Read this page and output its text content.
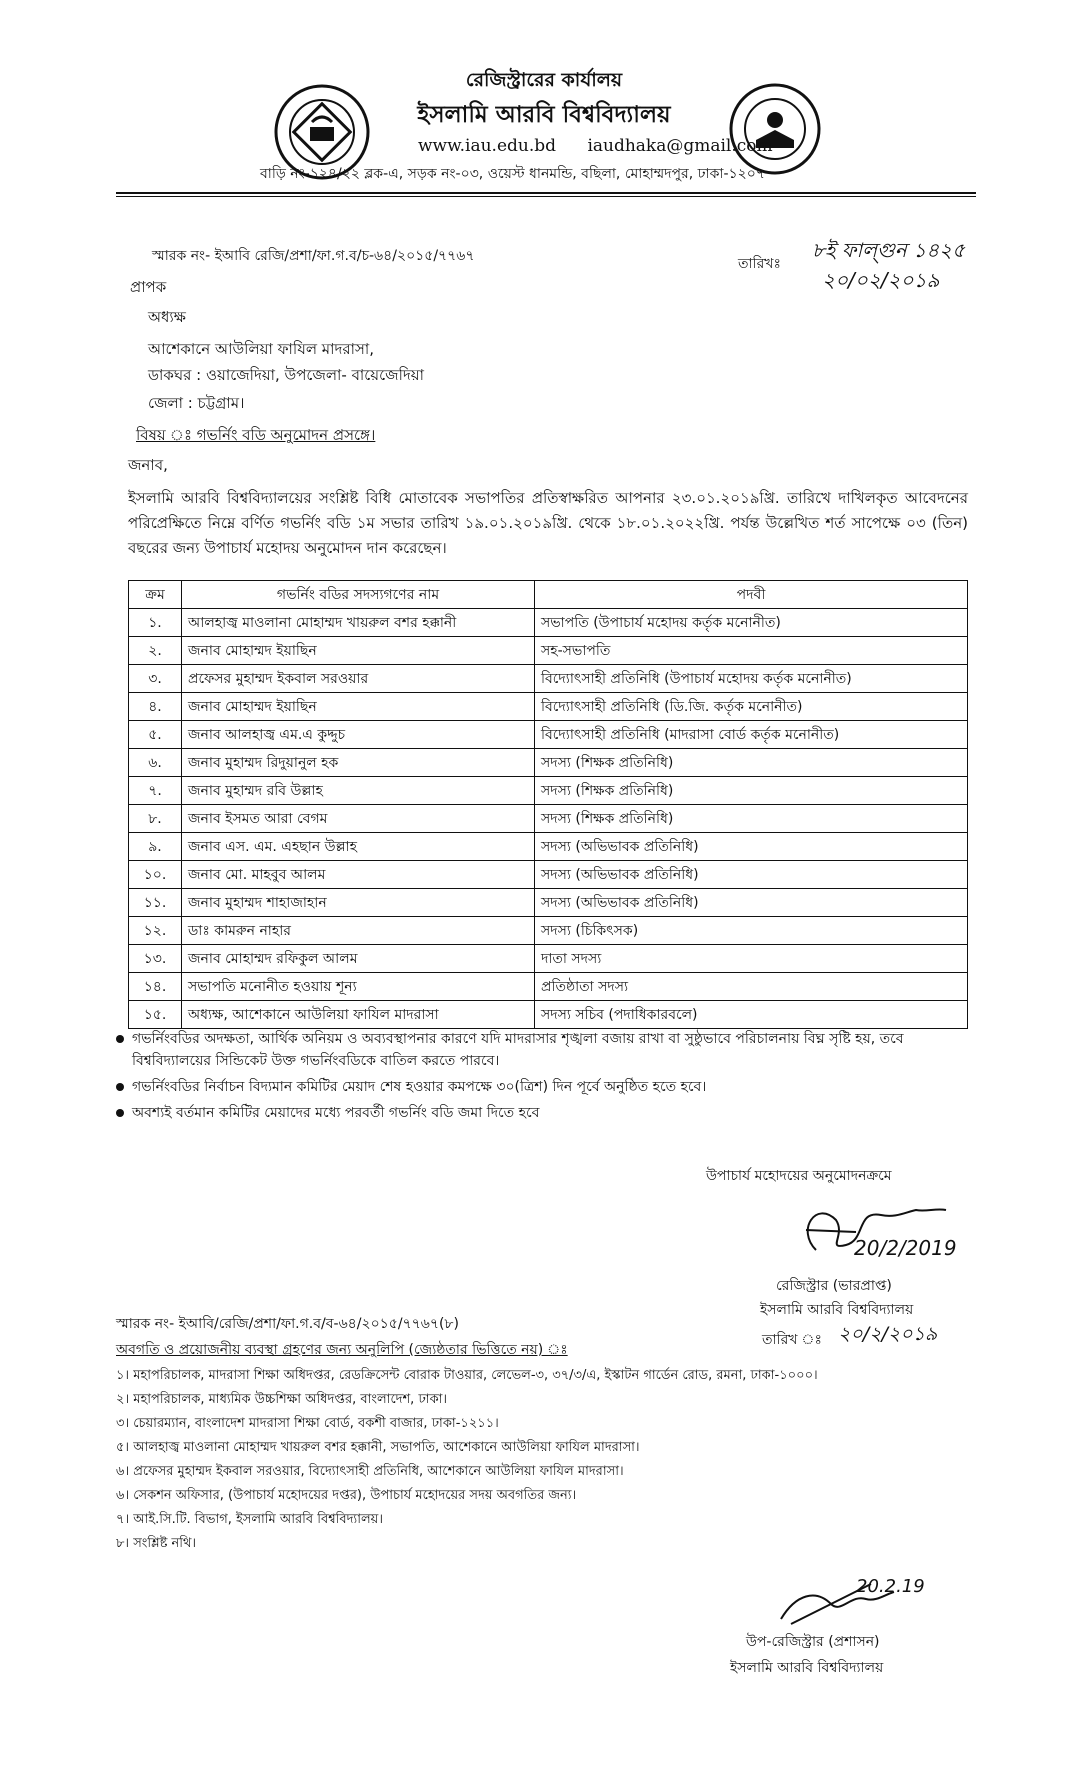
রেজিস্ট্রারের কার্যালয়
ইসলামি আরবি বিশ্ববিদ্যালয়
www.iau.edu.bd iaudhaka@gmail.com
বাড়ি নং-১২৪/২২ ব্লক-এ, সড়ক নং-০৩, ওয়েস্ট ধানমন্ডি, বছিলা, মোহাম্মদপুর, ঢাকা-১২০৭
স্মারক নং- ইআবি রেজি/প্রশা/ফা.গ.ব/চ-৬৪/২০১৫/৭৭৬৭	তারিখঃ
৮ই ফাল্গুন ১৪২৫
২০/০২/২০১৯
প্রাপক
অধ্যক্ষ
আশেকানে আউলিয়া ফাযিল মাদরাসা,
ডাকঘর : ওয়াজেদিয়া, উপজেলা- বায়েজেদিয়া
জেলা : চট্টগ্রাম।
বিষয় ঃ গভর্নিং বডি অনুমোদন প্রসঙ্গে।
জনাব,
ইসলামি আরবি বিশ্ববিদ্যালয়ের সংশ্লিষ্ট বিধি মোতাবেক সভাপতির প্রতিস্বাক্ষরিত আপনার ২৩.০১.২০১৯খ্রি. তারিখে দাখিলকৃত আবেদনের পরিপ্রেক্ষিতে নিম্নে বর্ণিত গভর্নিং বডি ১ম সভার তারিখ ১৯.০১.২০১৯খ্রি. থেকে ১৮.০১.২০২২খ্রি. পর্যন্ত উল্লেখিত শর্ত সাপেক্ষে ০৩ (তিন) বছরের জন্য উপাচার্য মহোদয় অনুমোদন দান করেছেন।
ক্রম	গভর্নিং বডির সদস্যগণের নাম	পদবী
১.	আলহাজ্ব মাওলানা মোহাম্মদ খায়রুল বশর হক্কানী	সভাপতি (উপাচার্য মহোদয় কর্তৃক মনোনীত)
২.	জনাব মোহাম্মদ ইয়াছিন	সহ-সভাপতি
৩.	প্রফেসর মুহাম্মদ ইকবাল সরওয়ার	বিদ্যোৎসাহী প্রতিনিধি (উপাচার্য মহোদয় কর্তৃক মনোনীত)
৪.	জনাব মোহাম্মদ ইয়াছিন	বিদ্যোৎসাহী প্রতিনিধি (ডি.জি. কর্তৃক মনোনীত)
৫.	জনাব আলহাজ্ব এম.এ কুদ্দুচ	বিদ্যোৎসাহী প্রতিনিধি (মাদরাসা বোর্ড কর্তৃক মনোনীত)
৬.	জনাব মুহাম্মদ রিদুয়ানুল হক	সদস্য (শিক্ষক প্রতিনিধি)
৭.	জনাব মুহাম্মদ রবি উল্লাহ	সদস্য (শিক্ষক প্রতিনিধি)
৮.	জনাব ইসমত আরা বেগম	সদস্য (শিক্ষক প্রতিনিধি)
৯.	জনাব এস. এম. এহছান উল্লাহ	সদস্য (অভিভাবক প্রতিনিধি)
১০.	জনাব মো. মাহবুব আলম	সদস্য (অভিভাবক প্রতিনিধি)
১১.	জনাব মুহাম্মদ শাহাজাহান	সদস্য (অভিভাবক প্রতিনিধি)
১২.	ডাঃ কামরুন নাহার	সদস্য (চিকিৎসক)
১৩.	জনাব মোহাম্মদ রফিকুল আলম	দাতা সদস্য
১৪.	সভাপতি মনোনীত হওয়ায় শূন্য	প্রতিষ্ঠাতা সদস্য
১৫.	অধ্যক্ষ, আশেকানে আউলিয়া ফাযিল মাদরাসা	সদস্য সচিব (পদাধিকারবলে)
গভর্নিংবডির অদক্ষতা, আর্থিক অনিয়ম ও অব্যবস্থাপনার কারণে যদি মাদরাসার শৃঙ্খলা বজায় রাখা বা সুষ্ঠুভাবে পরিচালনায় বিঘ্ন সৃষ্টি হয়, তবে বিশ্ববিদ্যালয়ের সিন্ডিকেট উক্ত গভর্নিংবডিকে বাতিল করতে পারবে।
গভর্নিংবডির নির্বাচন বিদ্যমান কমিটির মেয়াদ শেষ হওয়ার কমপক্ষে ৩০(ত্রিশ) দিন পূর্বে অনুষ্ঠিত হতে হবে।
অবশ্যই বর্তমান কমিটির মেয়াদের মধ্যে পরবর্তী গভর্নিং বডি জমা দিতে হবে
উপাচার্য মহোদয়ের অনুমোদনক্রমে
20/2/2019
রেজিস্ট্রার (ভারপ্রাপ্ত)
ইসলামি আরবি বিশ্ববিদ্যালয়
স্মারক নং- ইআবি/রেজি/প্রশা/ফা.গ.ব/ব-৬৪/২০১৫/৭৭৬৭(৮)
তারিখ ঃ ২০/২/২০১৯
অবগতি ও প্রয়োজনীয় ব্যবস্থা গ্রহণের জন্য অনুলিপি (জ্যেষ্ঠতার ভিত্তিতে নয়) ঃ
১। মহাপরিচালক, মাদরাসা শিক্ষা অধিদপ্তর, রেডক্রিসেন্ট বোরাক টাওয়ার, লেভেল-৩, ৩৭/৩/এ, ইস্কাটন গার্ডেন রোড, রমনা, ঢাকা-১০০০।
২। মহাপরিচালক, মাধ্যমিক উচ্চশিক্ষা অধিদপ্তর, বাংলাদেশ, ঢাকা।
৩। চেয়ারম্যান, বাংলাদেশ মাদরাসা শিক্ষা বোর্ড, বকশী বাজার, ঢাকা-১২১১।
৫। আলহাজ্ব মাওলানা মোহাম্মদ খায়রুল বশর হক্কানী, সভাপতি, আশেকানে আউলিয়া ফাযিল মাদরাসা।
৬। প্রফেসর মুহাম্মদ ইকবাল সরওয়ার, বিদ্যোৎসাহী প্রতিনিধি, আশেকানে আউলিয়া ফাযিল মাদরাসা।
৬। সেকশন অফিসার, (উপাচার্য মহোদয়ের দপ্তর), উপাচার্য মহোদয়ের সদয় অবগতির জন্য।
৭। আই.সি.টি. বিভাগ, ইসলামি আরবি বিশ্ববিদ্যালয়।
৮। সংশ্লিষ্ট নথি।
20.2.19
উপ-রেজিস্ট্রার (প্রশাসন)
ইসলামি আরবি বিশ্ববিদ্যালয়
